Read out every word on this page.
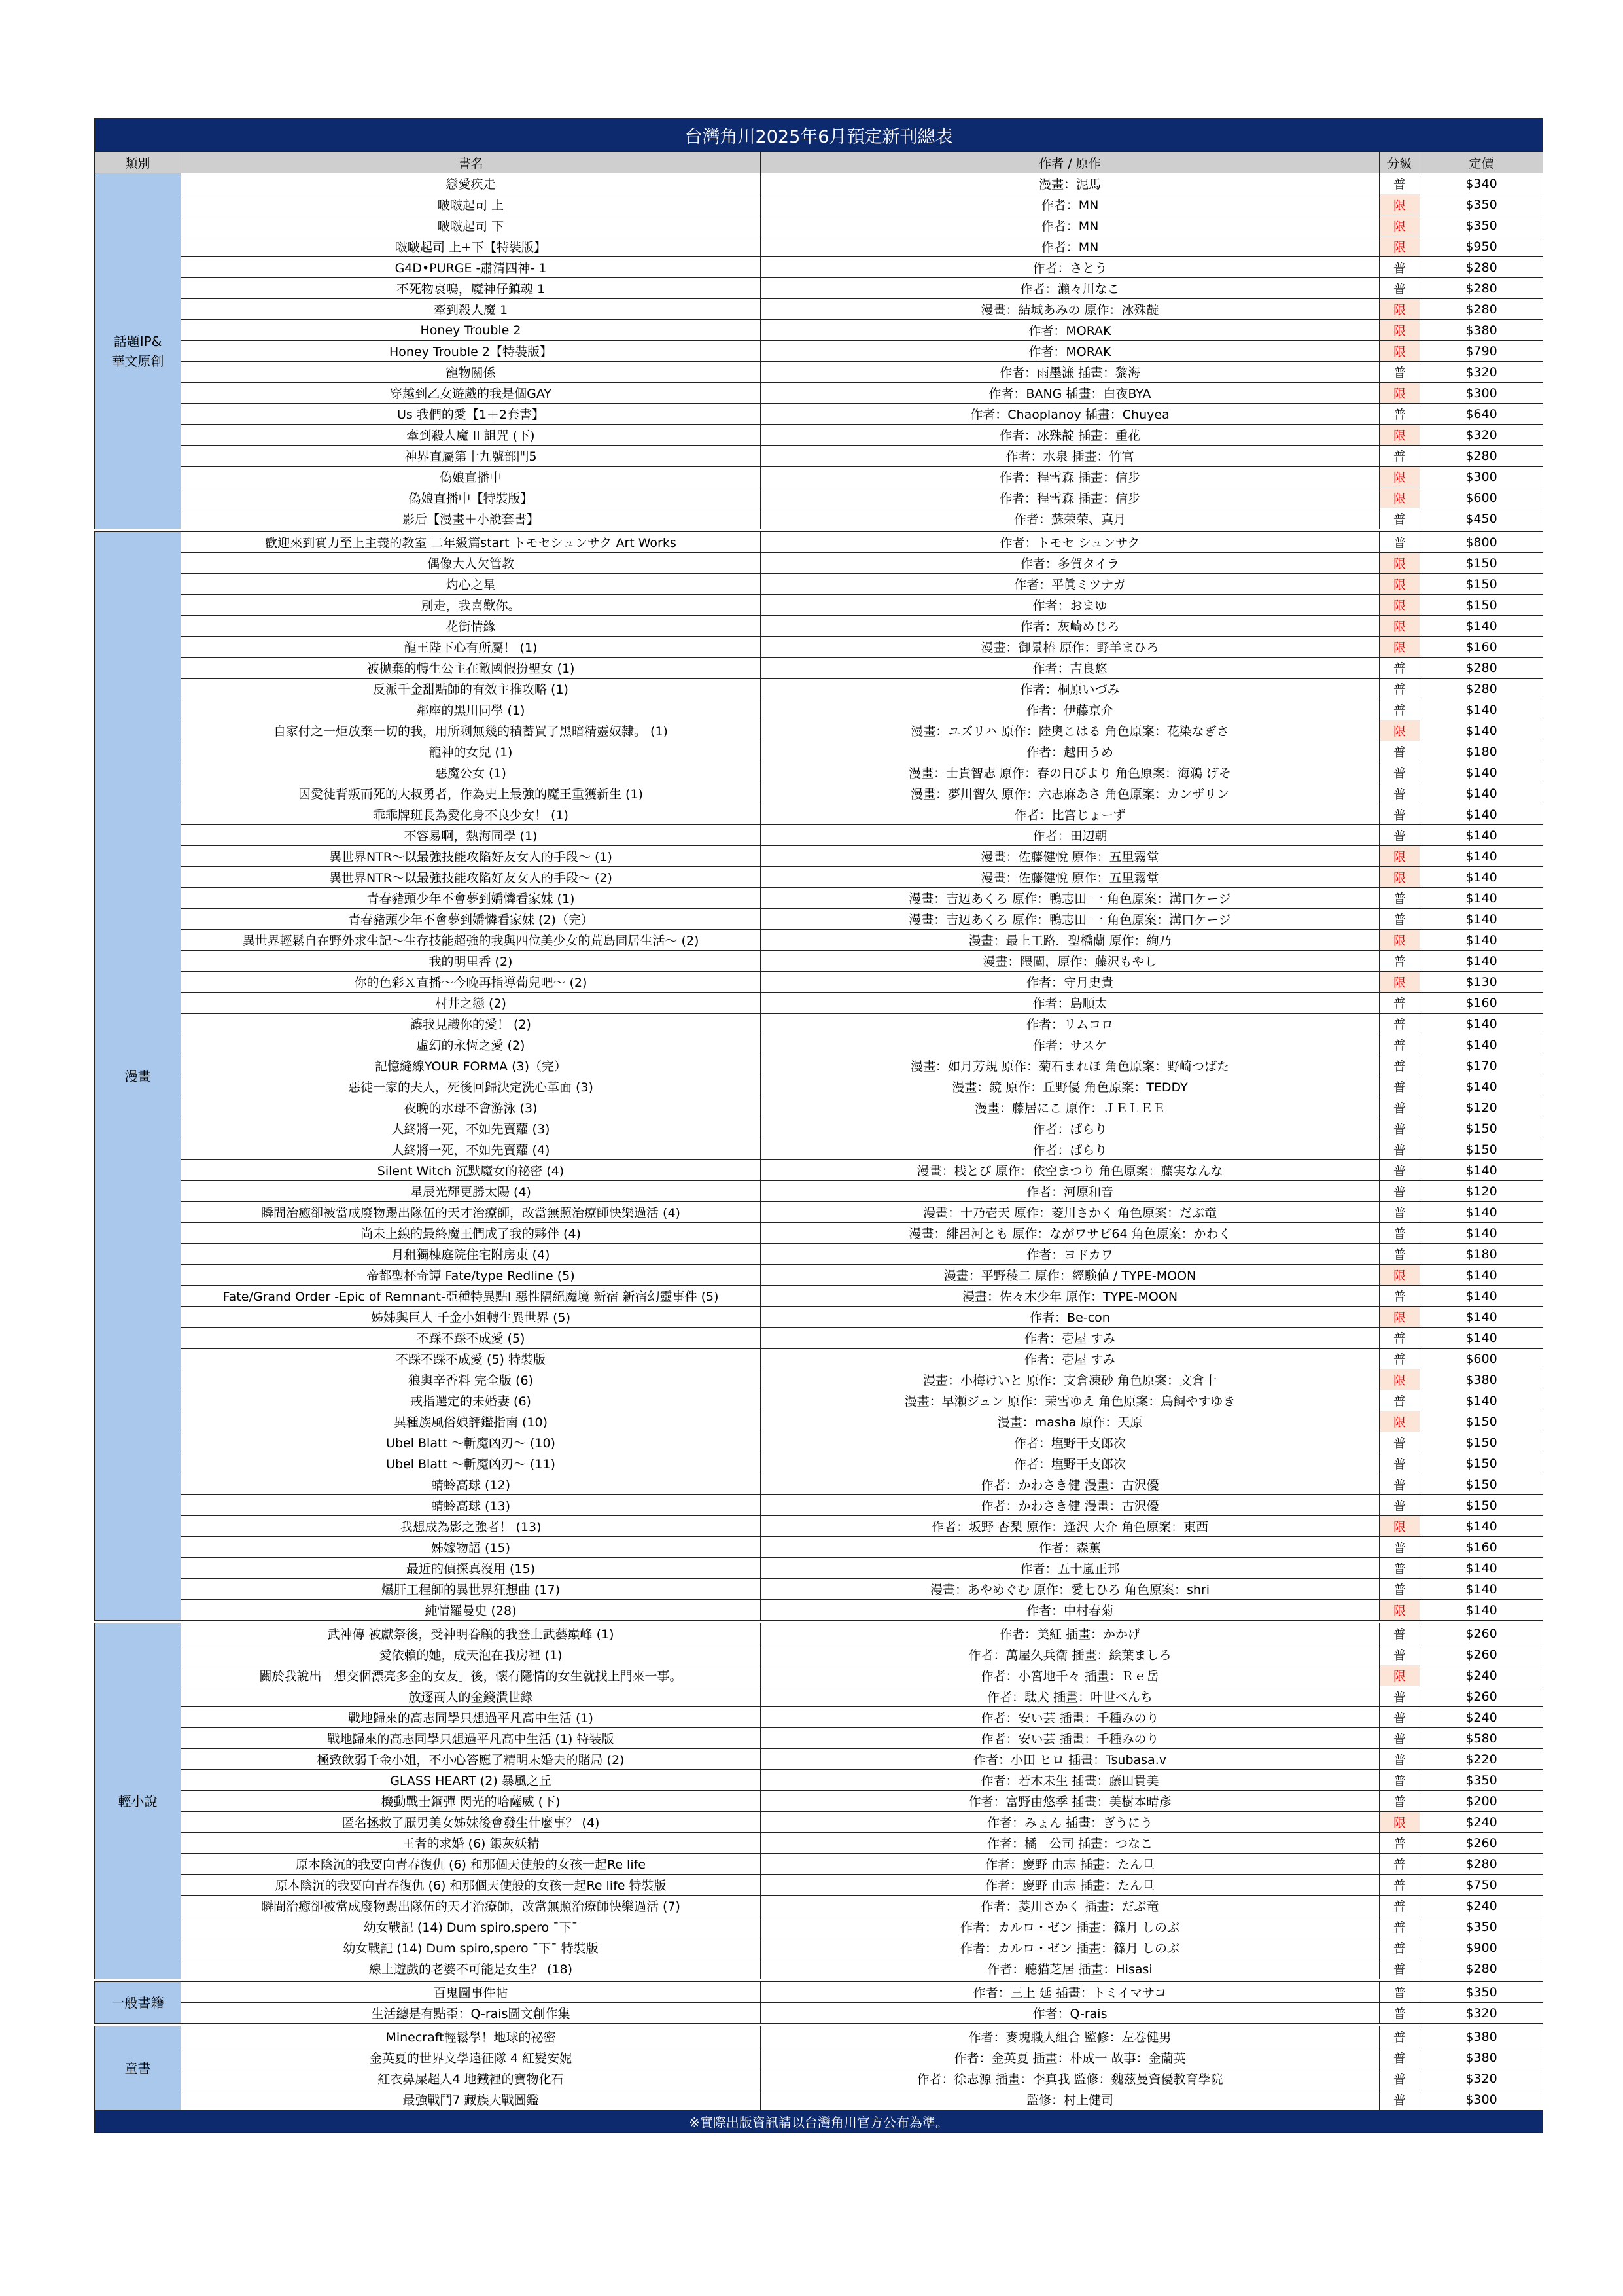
台灣角川2025年6月預定新刊總表				
類別	書名	作者 / 原作	分級	定價
話題IP&
華文原創	戀愛疾走	漫畫：泥馬	普	$340
	啵啵起司 上	作者：MN	限	$350
	啵啵起司 下	作者：MN	限	$350
	啵啵起司 上+下【特裝版】	作者：MN	限	$950
	G4D•PURGE -肅清四神- 1	作者：さとう	普	$280
	不死物哀嗚，魔神仔鎮魂 1	作者：瀨々川なこ	普	$280
	牽到殺人魔 1	漫畫：結城あみの 原作：冰殊靛	限	$280
	Honey Trouble 2	作者：MORAK	限	$380
	Honey Trouble 2【特裝版】	作者：MORAK	限	$790
	寵物關係	作者：雨墨濂 插畫：黎海	普	$320
	穿越到乙女遊戲的我是個GAY	作者：BANG 插畫：白夜BYA	限	$300
	Us 我們的愛【1＋2套書】	作者：Chaoplanoy 插畫：Chuyea	普	$640
	牽到殺人魔 II 詛咒 (下)	作者：冰殊靛 插畫：重花	限	$320
	神界直屬第十九號部門5	作者：水泉 插畫：竹官	普	$280
	偽娘直播中	作者：程雪森 插畫：信步	限	$300
	偽娘直播中【特裝版】	作者：程雪森 插畫：信步	限	$600
	影后【漫畫＋小說套書】	作者：蘇荣荣、真月	普	$450

漫畫	歡迎來到實力至上主義的教室 二年級篇start トモセシュンサク Art Works	作者：トモセ シュンサク	普	$800
	偶像大人欠管教	作者：多賀タイラ	限	$150
	灼心之星	作者：平眞ミツナガ	限	$150
	別走，我喜歡你。	作者：おまゆ	限	$150
	花街情緣	作者：灰崎めじろ	限	$140
	龍王陛下心有所屬！ (1)	漫畫：御景椿 原作：野羊まひろ	限	$160
	被拋棄的轉生公主在敵國假扮聖女 (1)	作者：吉良悠	普	$280
	反派千金甜點師的有效主推攻略 (1)	作者：桐原いづみ	普	$280
	鄰座的黑川同學 (1)	作者：伊藤京介	普	$140
	自家付之一炬放棄一切的我，用所剩無幾的積蓄買了黑暗精靈奴隸。 (1)	漫畫：ユズリハ 原作：陸奧こはる 角色原案：花染なぎさ	限	$140
	龍神的女兒 (1)	作者：越田うめ	普	$180
	惡魔公女 (1)	漫畫：士貴智志 原作：春の日びより 角色原案：海鵜 げそ	普	$140
	因愛徒背叛而死的大叔勇者，作為史上最強的魔王重獲新生 (1)	漫畫：夢川智久 原作：六志麻あさ 角色原案：カンザリン	普	$140
	乖乖牌班長為愛化身不良少女！ (1)	作者：比宮じょーず	普	$140
	不容易啊，熱海同學 (1)	作者：田辺朝	普	$140
	異世界NTR～以最強技能攻陷好友女人的手段～ (1)	漫畫：佐藤健悅 原作：五里霧堂	限	$140
	異世界NTR～以最強技能攻陷好友女人的手段～ (2)	漫畫：佐藤健悅 原作：五里霧堂	限	$140
	青春豬頭少年不會夢到嬌憐看家妹 (1)	漫畫：吉辺あくろ 原作：鴨志田 一 角色原案：溝口ケージ	普	$140
	青春豬頭少年不會夢到嬌憐看家妹 (2)（完）	漫畫：吉辺あくろ 原作：鴨志田 一 角色原案：溝口ケージ	普	$140
	異世界輕鬆自在野外求生記～生存技能超強的我與四位美少女的荒島同居生活～ (2)	漫畫：最上工路．聖橋蘭 原作：絢乃	限	$140
	我的明里香 (2)	漫畫：隈闖，原作：藤沢もやし	普	$140
	你的色彩Ｘ直播～今晚再指導葡兒吧～ (2)	作者：守月史貴	限	$130
	村井之戀 (2)	作者：島順太	普	$160
	讓我見識你的愛！ (2)	作者：リムコロ	普	$140
	虛幻的永恆之愛 (2)	作者：サスケ	普	$140
	記憶縫線YOUR FORMA (3)（完）	漫畫：如月芳規 原作：菊石まれほ 角色原案：野崎つばた	普	$170
	惡徒一家的夫人，死後回歸決定洗心革面 (3)	漫畫：鏡 原作：丘野優 角色原案：TEDDY	普	$140
	夜晚的水母不會游泳 (3)	漫畫：藤居にこ 原作：ＪＥＬＥＥ	普	$120
	人終將一死，不如先賣蘿 (3)	作者：ぱらり	普	$150
	人終將一死，不如先賣蘿 (4)	作者：ぱらり	普	$150
	Silent Witch 沉默魔女的祕密 (4)	漫畫：桟とび 原作：依空まつり 角色原案：藤実なんな	普	$140
	星辰光輝更勝太陽 (4)	作者：河原和音	普	$120
	瞬間治癒卻被當成廢物踢出隊伍的天才治療師，改當無照治療師快樂過活 (4)	漫畫：十乃壱天 原作：菱川さかく 角色原案：だぶ竜	普	$140
	尚未上線的最終魔王們成了我的夥伴 (4)	漫畫：緋呂河とも 原作：ながワサビ64 角色原案：かわく	普	$140
	月租獨棟庭院住宅附房東 (4)	作者：ヨドカワ	普	$180
	帝都聖杯奇譚 Fate/type Redline (5)	漫畫：平野稜二 原作：經験値 / TYPE-MOON	限	$140
	Fate/Grand Order -Epic of Remnant-亞種特異點I 惡性隔絕魔境 新宿 新宿幻靈事件 (5)	漫畫：佐々木少年 原作：TYPE-MOON	普	$140
	姊姊與巨人 千金小姐轉生異世界 (5)	作者：Be-con	限	$140
	不踩不踩不成愛 (5)	作者：壱屋 すみ	普	$140
	不踩不踩不成愛 (5) 特裝版	作者：壱屋 すみ	普	$600
	狼與辛香料 完全版 (6)	漫畫：小梅けいと 原作：支倉凍砂 角色原案：文倉十	限	$380
	戒指選定的未婚妻 (6)	漫畫：早瀬ジュン 原作：茉雪ゆえ 角色原案：鳥飼やすゆき	普	$140
	異種族風俗娘評鑑指南 (10)	漫畫：masha 原作：天原	限	$150
	Ubel Blatt ～斬魔凶刃～ (10)	作者：塩野干支郎次	普	$150
	Ubel Blatt ～斬魔凶刃～ (11)	作者：塩野干支郎次	普	$150
	蜻蛉高球 (12)	作者：かわさき健 漫畫：古沢優	普	$150
	蜻蛉高球 (13)	作者：かわさき健 漫畫：古沢優	普	$150
	我想成為影之強者！ (13)	作者：坂野 杏梨 原作：逢沢 大介 角色原案：東西	限	$140
	姊嫁物語 (15)	作者：森薫	普	$160
	最近的偵探真沒用 (15)	作者：五十嵐正邦	普	$140
	爆肝工程師的異世界狂想曲 (17)	漫畫：あやめぐむ 原作：愛七ひろ 角色原案：shri	普	$140
	純情羅曼史 (28)	作者：中村春菊	限	$140

輕小說	武神傳 被獻祭後，受神明眷顧的我登上武藝巔峰 (1)	作者：美紅 插畫：かかげ	普	$260
	愛依賴的她，成天泡在我房裡 (1)	作者：萬屋久兵衛 插畫：絵葉ましろ	普	$260
	關於我說出「想交個漂亮多金的女友」後，懷有隱情的女生就找上門來一事。	作者：小宮地千々 插畫：Ｒｅ岳	限	$240
	放逐商人的金錢潰世錄	作者：駄犬 插畫：叶世べんち	普	$260
	戰地歸來的高志同學只想過平凡高中生活 (1)	作者：安い芸 插畫：千種みのり	普	$240
	戰地歸來的高志同學只想過平凡高中生活 (1) 特装版	作者：安い芸 插畫：千種みのり	普	$580
	極致飲弱千金小姐，不小心答應了精明未婚夫的賭局 (2)	作者：小田 ヒロ 插畫：Tsubasa.v	普	$220
	GLASS HEART (2) 暴風之丘	作者：若木未生 插畫：藤田貴美	普	$350
	機動戰士鋼彈 閃光的哈薩威 (下)	作者：富野由悠季 插畫：美樹本晴彥	普	$200
	匿名拯救了厭男美女姊妹後會發生什麼事？ (4)	作者：みょん 插畫：ぎうにう	限	$240
	王者的求婚 (6) 銀灰妖精	作者：橘　公司 插畫：つなこ	普	$260
	原本陰沉的我要向青春復仇 (6) 和那個天使般的女孩一起Re life	作者：慶野 由志 插畫：たん旦	普	$280
	原本陰沉的我要向青春復仇 (6) 和那個天使般的女孩一起Re life 特裝版	作者：慶野 由志 插畫：たん旦	普	$750
	瞬間治癒卻被當成廢物踢出隊伍的天才治療師，改當無照治療師快樂過活 (7)	作者：菱川さかく 插畫：だぶ竜	普	$240
	幼女戰記 (14) Dum spiro,spero ¯下¯	作者：カルロ・ゼン 插畫：篠月 しのぶ	普	$350
	幼女戰記 (14) Dum spiro,spero ¯下¯ 特裝版	作者：カルロ・ゼン 插畫：篠月 しのぶ	普	$900
	線上遊戲的老婆不可能是女生？ (18)	作者：聽猫芝居 插畫：Hisasi	普	$280

一般書籍	百鬼圖事件帖	作者：三上 延 插畫：トミイマサコ	普	$350
	生活總是有點歪：Q-rais圖文創作集	作者：Q-rais	普	$320

童書	Minecraft輕鬆學！地球的祕密	作者：麥塊職人組合 監修：左卷健男	普	$380
	金英夏的世界文學遠征隊 4 紅髮安妮	作者：金英夏 插畫：朴成一 故事：金蘭英	普	$380
	紅衣鼻屎超人4 地鐵裡的寶物化石	作者：徐志源 插畫：李真我 監修：魏茲曼資優教育學院	普	$320
	最強戰鬥7 藏族大戰圖鑑	監修：村上健司	普	$300
※實際出版資訊請以台灣角川官方公布為準。				
